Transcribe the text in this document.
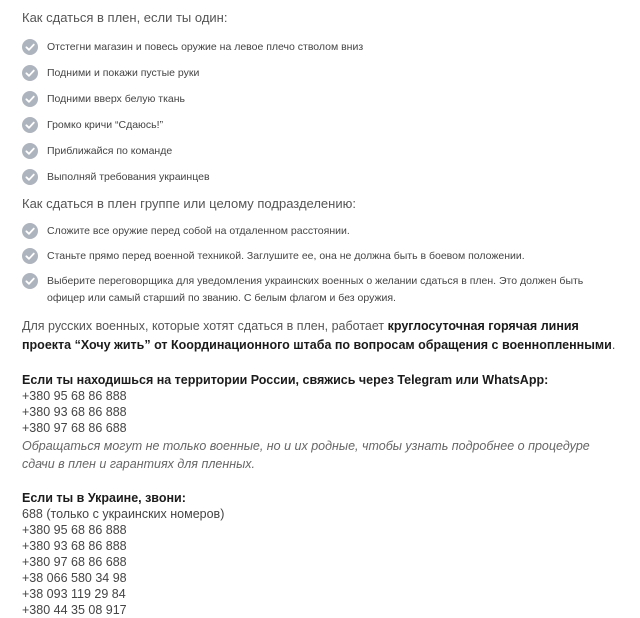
Как сдаться в плен, если ты один:

Отстегни магазин и повесь оружие на левое плечо стволом вниз
Подними и покажи пустые руки
Подними вверх белую ткань
Громко кричи “Сдаюсь!”
Приближайся по команде
Выполняй требования украинцев

Как сдаться в плен группе или целому подразделению:

Сложите все оружие перед собой на отдаленном расстоянии.
Станьте прямо перед военной техникой. Заглушите ее, она не должна быть в боевом положении.
Выберите переговорщика для уведомления украинских военных о желании сдаться в плен. Это должен быть офицер или самый старший по званию. С белым флагом и без оружия.

Для русских военных, которые хотят сдаться в плен, работает круглосуточная горячая линия проекта “Хочу жить” от Координационного штаба по вопросам обращения с военнопленными.

Если ты находишься на территории России, свяжись через Telegram или WhatsApp:
+380 95 68 86 888
+380 93 68 86 888
+380 97 68 86 688
Обращаться могут не только военные, но и их родные, чтобы узнать подробнее о процедуре сдачи в плен и гарантиях для пленных.
Если ты в Украине, звони:
688 (только с украинских номеров)
+380 95 68 86 888
+380 93 68 86 888
+380 97 68 86 688
+38 066 580 34 98
+38 093 119 29 84
+380 44 35 08 917
